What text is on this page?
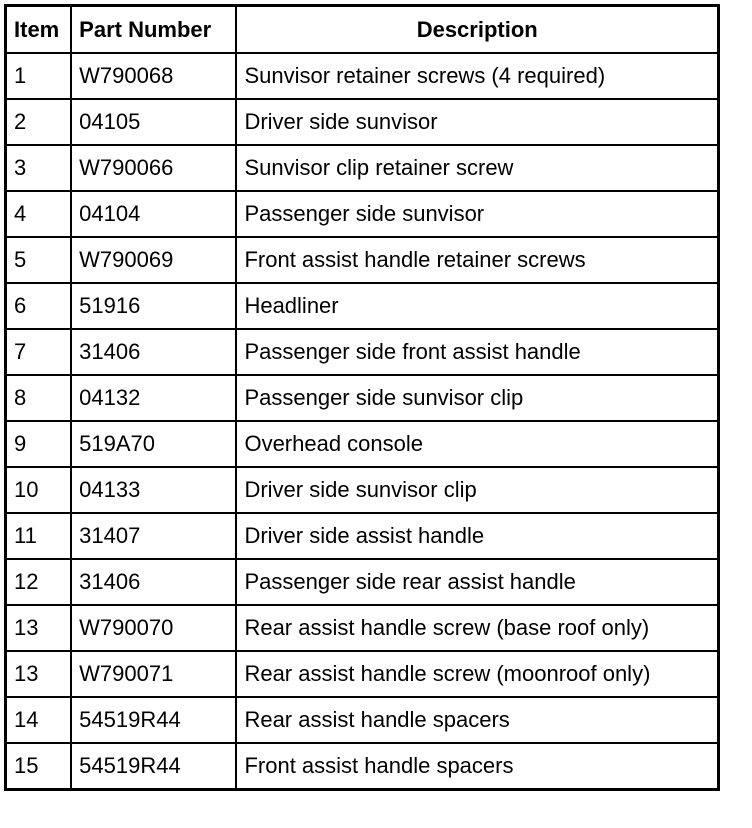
Item	Part Number	Description
1	W790068	Sunvisor retainer screws (4 required)
2	04105	Driver side sunvisor
3	W790066	Sunvisor clip retainer screw
4	04104	Passenger side sunvisor
5	W790069	Front assist handle retainer screws
6	51916	Headliner
7	31406	Passenger side front assist handle
8	04132	Passenger side sunvisor clip
9	519A70	Overhead console
10	04133	Driver side sunvisor clip
11	31407	Driver side assist handle
12	31406	Passenger side rear assist handle
13	W790070	Rear assist handle screw (base roof only)
13	W790071	Rear assist handle screw (moonroof only)
14	54519R44	Rear assist handle spacers
15	54519R44	Front assist handle spacers
